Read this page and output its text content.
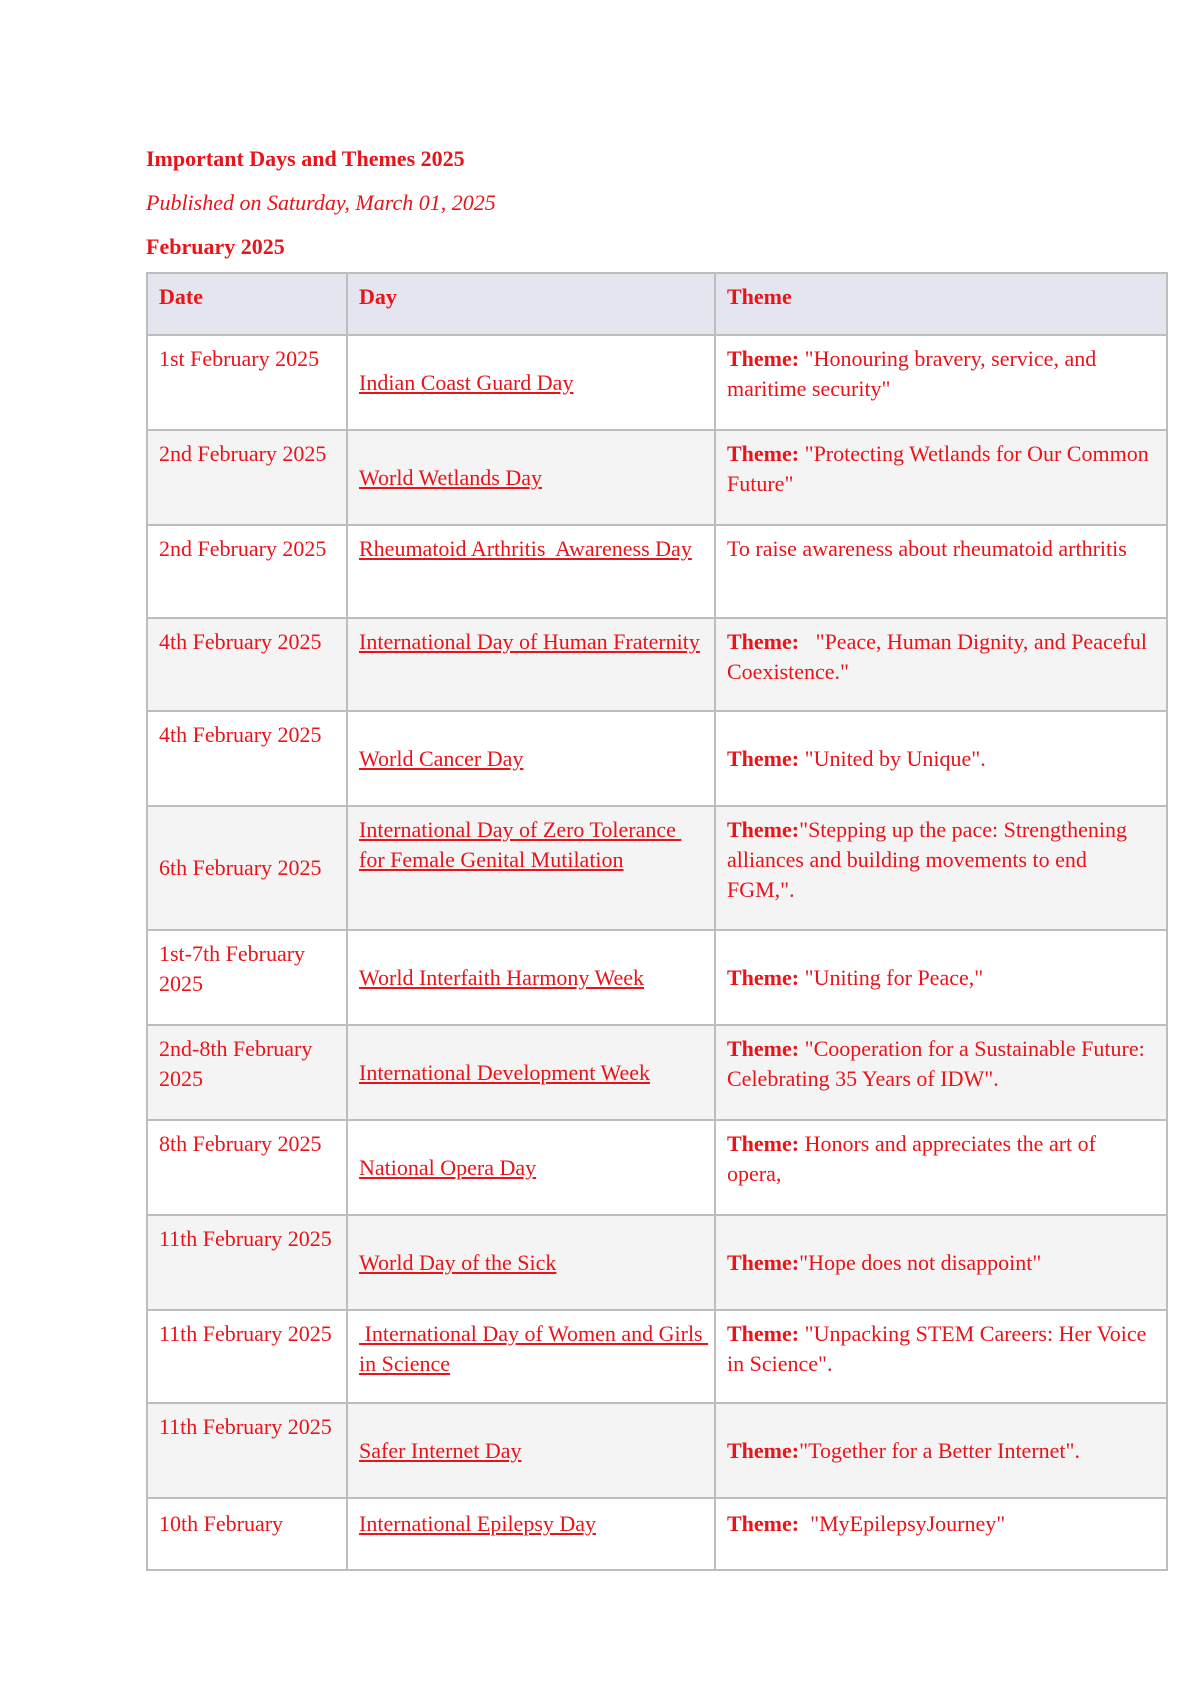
Important Days and Themes 2025
Published on Saturday, March 01, 2025
February 2025
Date	Day	Theme
1st February 2025	Indian Coast Guard Day	Theme: "Honouring bravery, service, and maritime security"
2nd February 2025	World Wetlands Day	Theme: "Protecting Wetlands for Our Common Future"
2nd February 2025	Rheumatoid Arthritis  Awareness Day	To raise awareness about rheumatoid arthritis
4th February 2025	International Day of Human Fraternity	Theme:   "Peace, Human Dignity, and Peaceful Coexistence."
4th February 2025	World Cancer Day	Theme: "United by Unique".
6th February 2025	International Day of Zero Tolerance for Female Genital Mutilation	Theme:"Stepping up the pace: Strengthening alliances and building movements to end FGM,".
1st-7th February 2025	World Interfaith Harmony Week	Theme: "Uniting for Peace,"
2nd-8th February 2025	International Development Week	Theme: "Cooperation for a Sustainable Future: Celebrating 35 Years of IDW".
8th February 2025	National Opera Day	Theme: Honors and appreciates the art of opera,
11th February 2025	World Day of the Sick	Theme:"Hope does not disappoint"
11th February 2025	International Day of Women and Girls in Science	Theme: "Unpacking STEM Careers: Her Voice in Science".
11th February 2025	Safer Internet Day	Theme:"Together for a Better Internet".
10th February	International Epilepsy Day	Theme:  "MyEpilepsyJourney"
